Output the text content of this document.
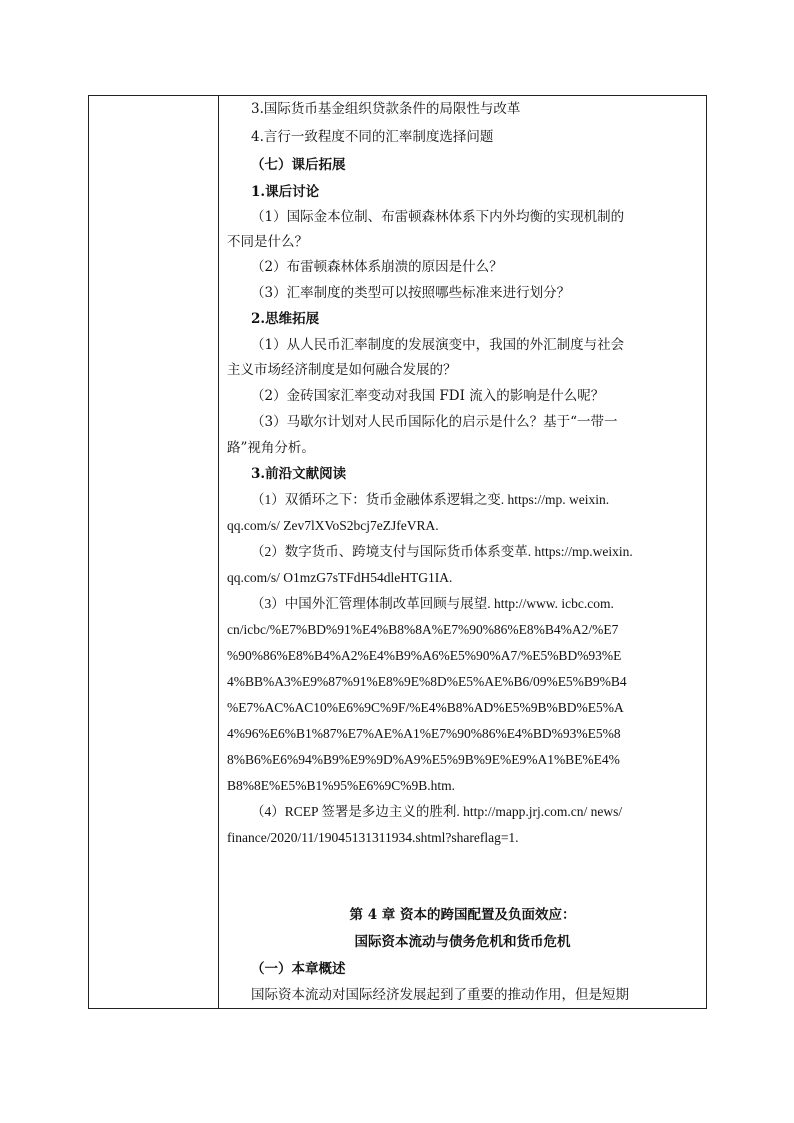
3.国际货币基金组织贷款条件的局限性与改革
4.言行一致程度不同的汇率制度选择问题
（七）课后拓展
1.课后讨论
（1）国际金本位制、布雷顿森林体系下内外均衡的实现机制的
不同是什么？
（2）布雷顿森林体系崩溃的原因是什么？
（3）汇率制度的类型可以按照哪些标准来进行划分？
2.思维拓展
（1）从人民币汇率制度的发展演变中，我国的外汇制度与社会
主义市场经济制度是如何融合发展的？
（2）金砖国家汇率变动对我国 FDI 流入的影响是什么呢？
（3）马歇尔计划对人民币国际化的启示是什么？基于“一带一
路”视角分析。
3.前沿文献阅读
（1）双循环之下：货币金融体系逻辑之变. https://mp. weixin.
qq.com/s/ Zev7lXVoS2bcj7eZJfeVRA.
（2）数字货币、跨境支付与国际货币体系变革. https://mp.weixin.
qq.com/s/ O1mzG7sTFdH54dleHTG1IA.
（3）中国外汇管理体制改革回顾与展望. http://www. icbc.com.
cn/icbc/%E7%BD%91%E4%B8%8A%E7%90%86%E8%B4%A2/%E7
%90%86%E8%B4%A2%E4%B9%A6%E5%90%A7/%E5%BD%93%E
4%BB%A3%E9%87%91%E8%9E%8D%E5%AE%B6/09%E5%B9%B4
%E7%AC%AC10%E6%9C%9F/%E4%B8%AD%E5%9B%BD%E5%A
4%96%E6%B1%87%E7%AE%A1%E7%90%86%E4%BD%93%E5%8
8%B6%E6%94%B9%E9%9D%A9%E5%9B%9E%E9%A1%BE%E4%
B8%8E%E5%B1%95%E6%9C%9B.htm.
（4）RCEP 签署是多边主义的胜利. http://mapp.jrj.com.cn/ news/
finance/2020/11/19045131311934.shtml?shareflag=1.
第 4 章 资本的跨国配置及负面效应：
国际资本流动与债务危机和货币危机
（一）本章概述
国际资本流动对国际经济发展起到了重要的推动作用，但是短期
